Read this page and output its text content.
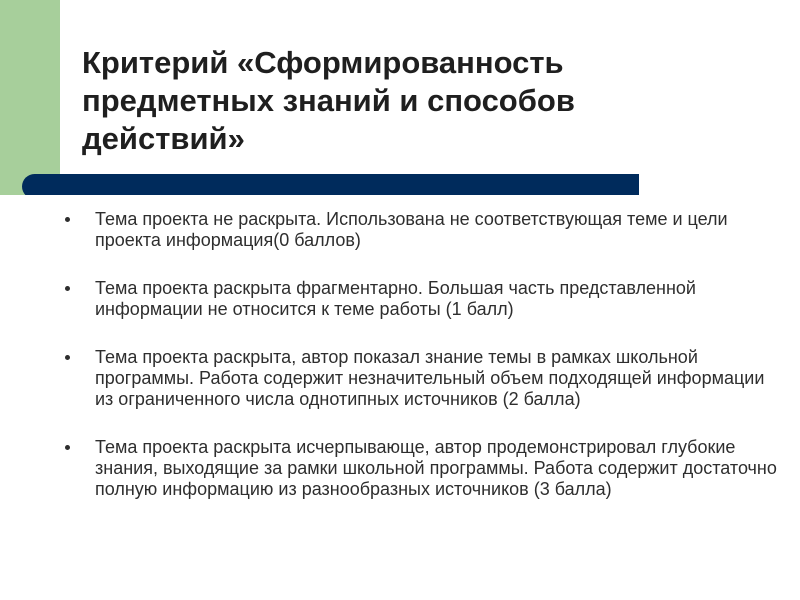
Критерий «Сформированность предметных знаний и способов действий»
Тема проекта не раскрыта. Использована не соответствующая теме и цели проекта информация(0 баллов)
Тема проекта раскрыта фрагментарно. Большая часть представленной информации не относится к теме работы (1 балл)
Тема проекта раскрыта, автор показал знание темы в рамках школьной программы. Работа содержит незначительный объем подходящей информации из ограниченного числа однотипных источников (2 балла)
Тема проекта раскрыта исчерпывающе, автор продемонстрировал глубокие знания, выходящие за рамки школьной программы. Работа содержит достаточно полную информацию из разнообразных источников (3 балла)
